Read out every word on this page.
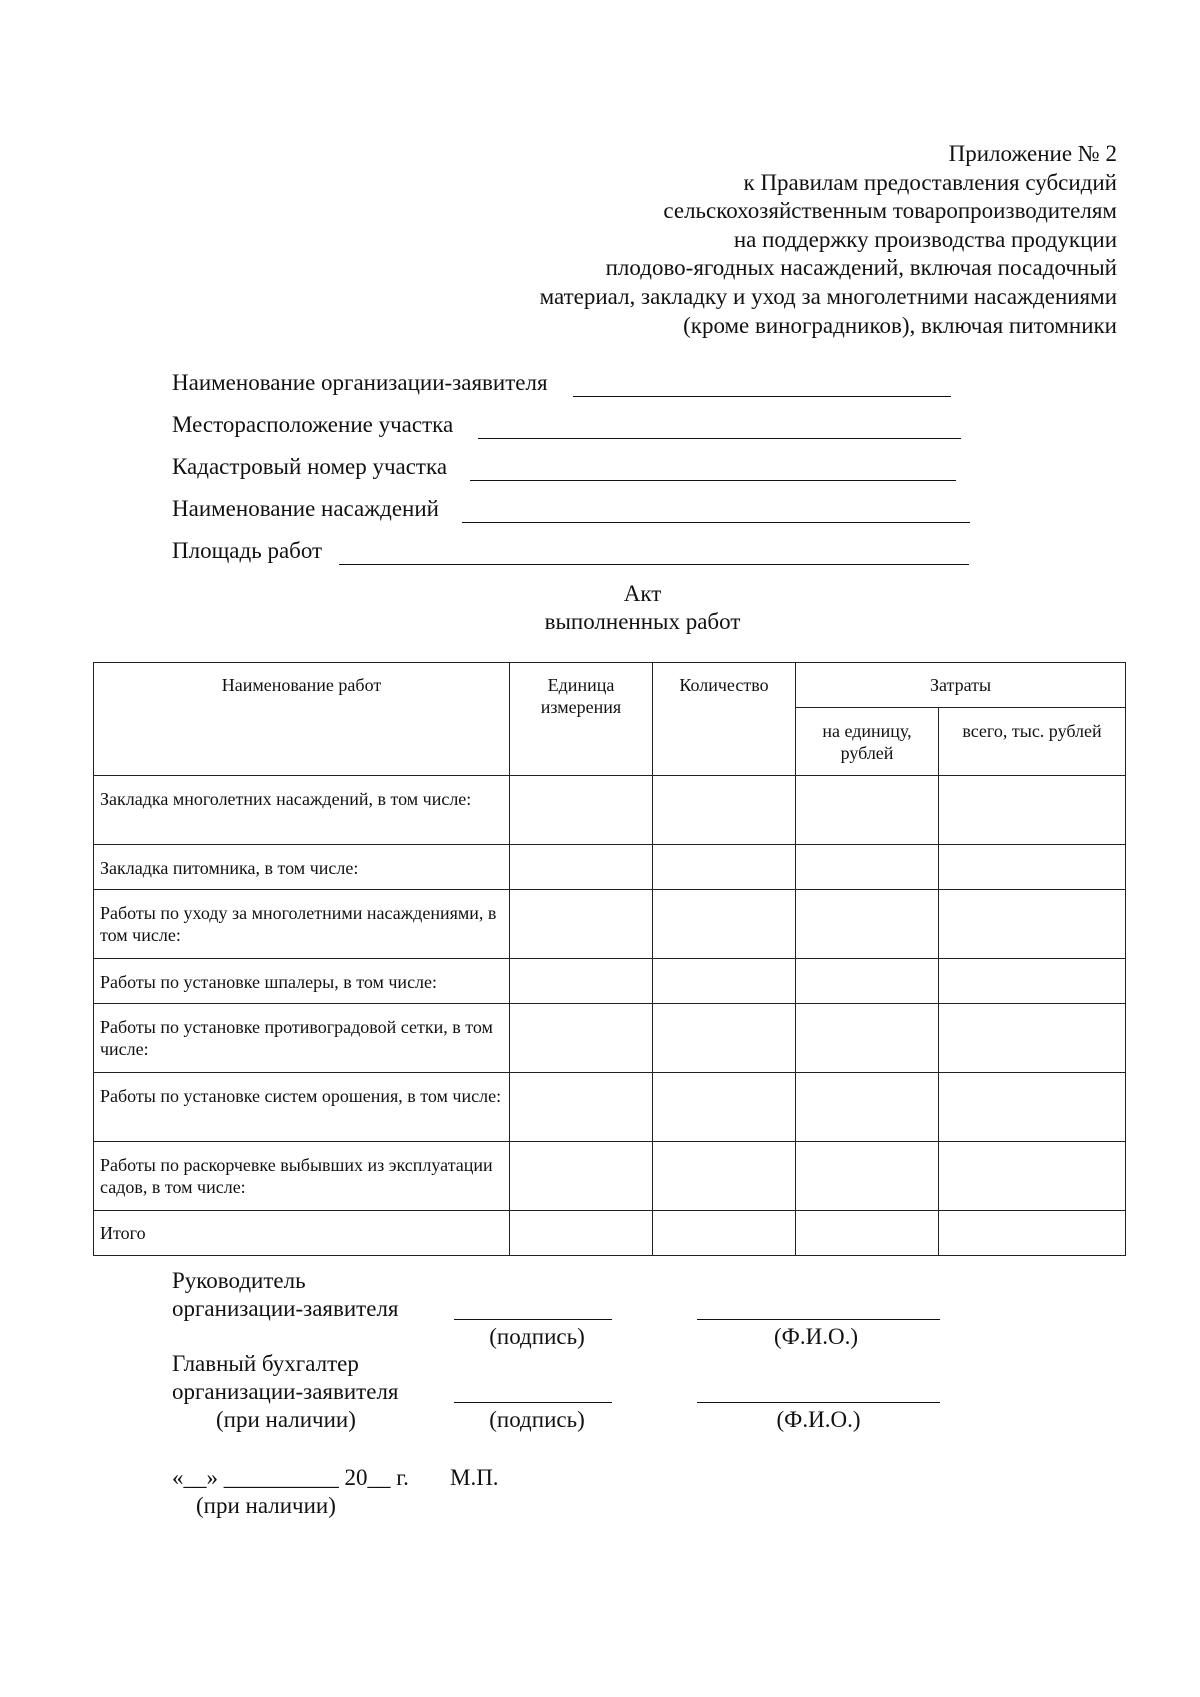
Приложение № 2
к Правилам предоставления субсидий
сельскохозяйственным товаропроизводителям
на поддержку производства продукции
плодово-ягодных насаждений, включая посадочный
материал, закладку и уход за многолетними насаждениями
(кроме виноградников), включая питомники
Наименование организации-заявителя
Месторасположение участка
Кадастровый номер участка
Наименование насаждений
Площадь работ
Акт
выполненных работ
Наименование работ	Единица измерения	Количество	Затраты	
			на единицу, рублей	всего, тыс. рублей
Закладка многолетних насаждений, в том числе:				
Закладка питомника, в том числе:				
Работы по уходу за многолетними насаждениями, в том числе:				
Работы по установке шпалеры, в том числе:				
Работы по установке противоградовой сетки, в том числе:				
Работы по установке систем орошения, в том числе:				
Работы по раскорчевке выбывших из эксплуатации садов, в том числе:				
Итого				
Руководитель
организации-заявителя
(подпись)	(Ф.И.О.)
Главный бухгалтер
организации-заявителя
(при наличии)	(подпись)	(Ф.И.О.)
«__» __________ 20__ г. М.П.
(при наличии)
